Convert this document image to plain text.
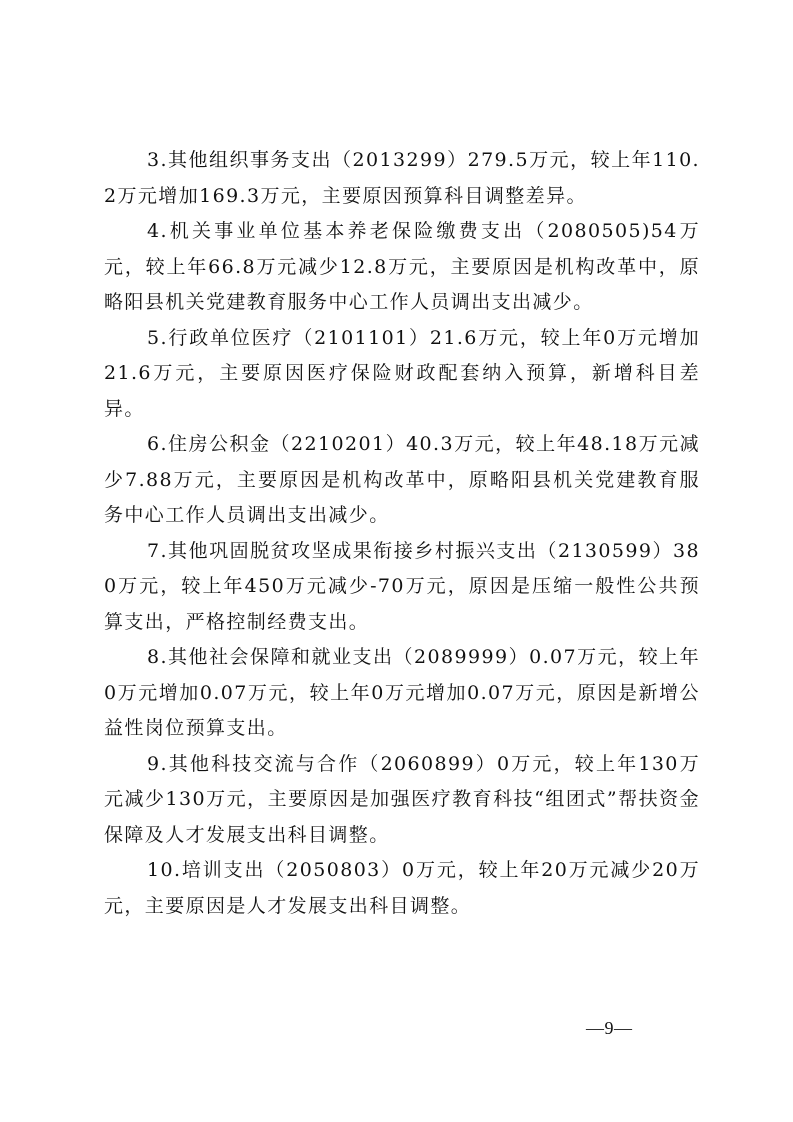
3.其他组织事务支出（2013299）279.5万元，较上年110.2万元增加169.3万元，主要原因预算科目调整差异。

4.机关事业单位基本养老保险缴费支出（2080505)54万元，较上年66.8万元减少12.8万元，主要原因是机构改革中，原略阳县机关党建教育服务中心工作人员调出支出减少。

5.行政单位医疗（2101101）21.6万元，较上年0万元增加21.6万元，主要原因医疗保险财政配套纳入预算，新增科目差异。

6.住房公积金（2210201）40.3万元，较上年48.18万元减少7.88万元，主要原因是机构改革中，原略阳县机关党建教育服务中心工作人员调出支出减少。

7.其他巩固脱贫攻坚成果衔接乡村振兴支出（2130599）380万元，较上年450万元减少-70万元，原因是压缩一般性公共预算支出，严格控制经费支出。

8.其他社会保障和就业支出（2089999）0.07万元，较上年0万元增加0.07万元，较上年0万元增加0.07万元，原因是新增公益性岗位预算支出。

9.其他科技交流与合作（2060899）0万元，较上年130万元减少130万元，主要原因是加强医疗教育科技“组团式”帮扶资金保障及人才发展支出科目调整。

10.培训支出（2050803）0万元，较上年20万元减少20万元，主要原因是人才发展支出科目调整。

—9—
